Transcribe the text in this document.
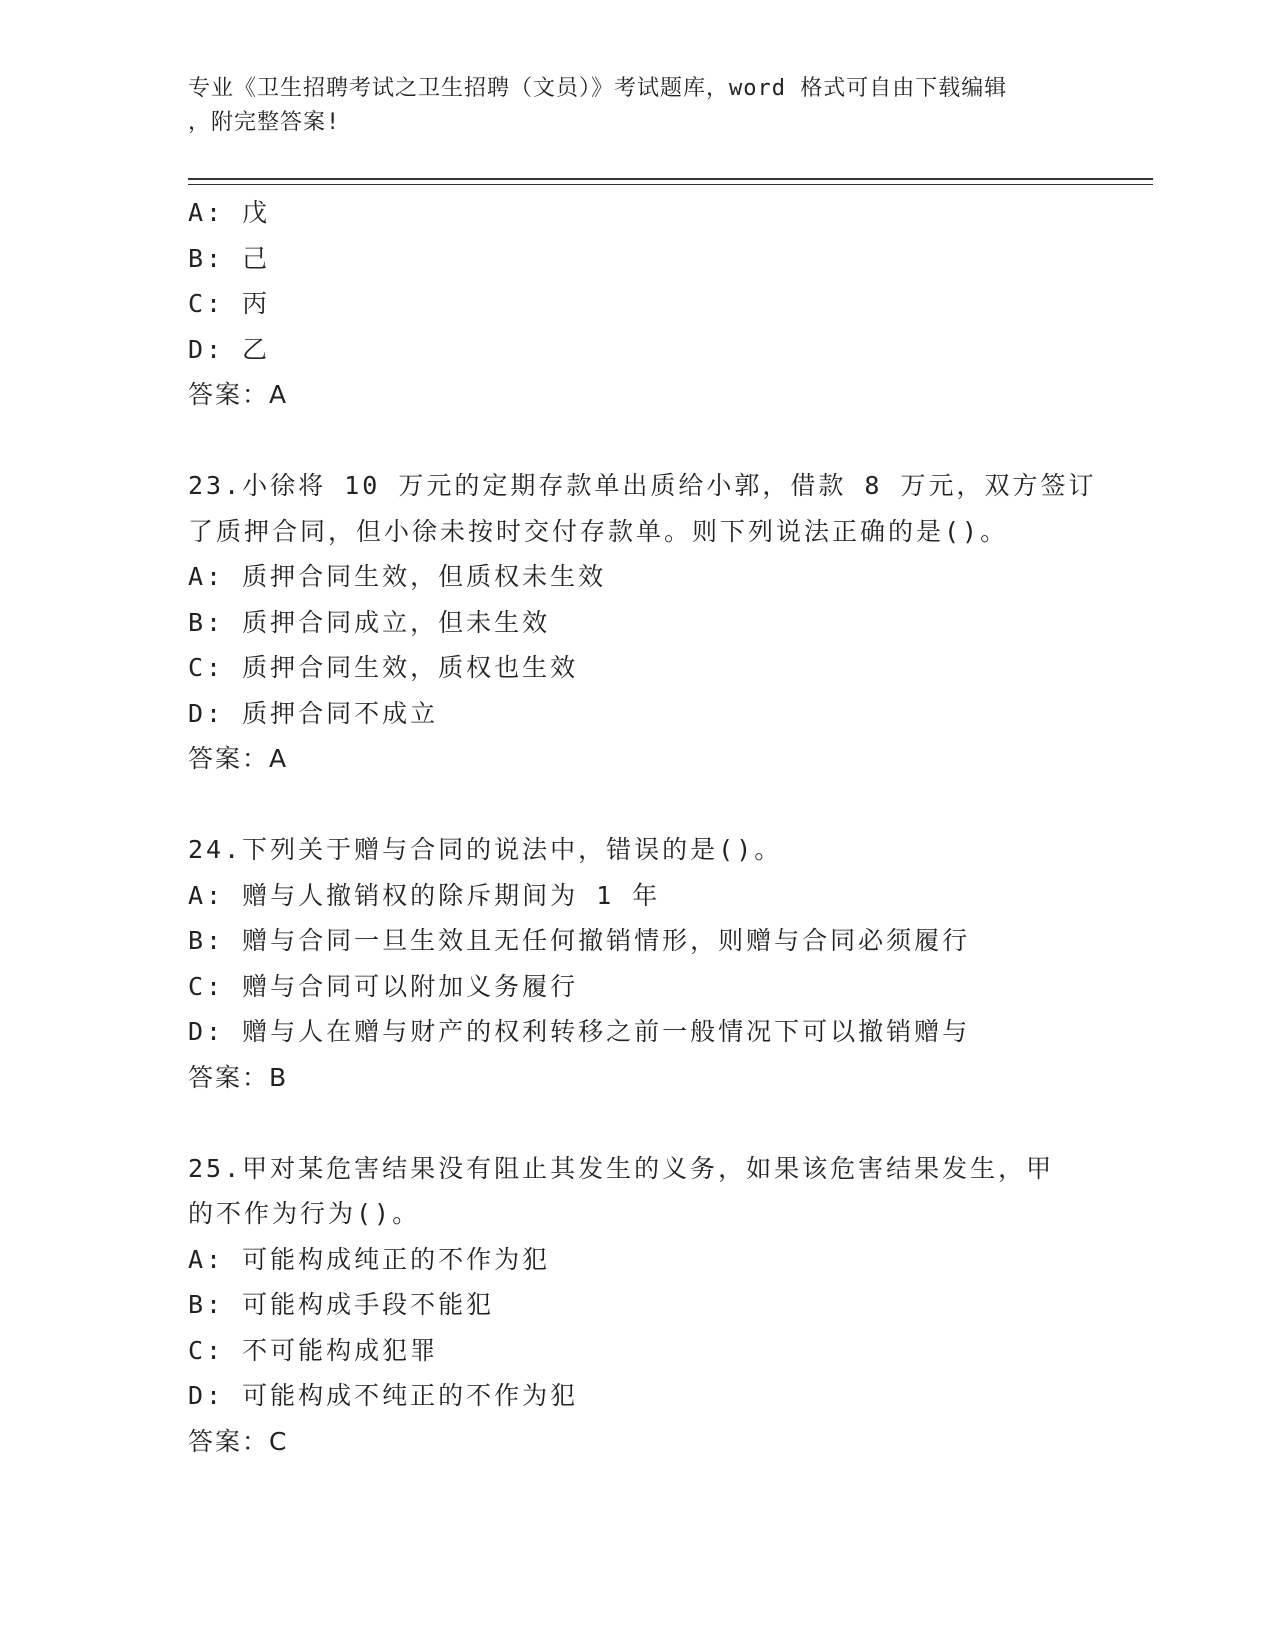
专业《卫生招聘考试之卫生招聘（文员）》考试题库，word 格式可自由下载编辑
，附完整答案!
A: 戊
B: 己
C: 丙
D: 乙
答案：A
23.小徐将 10 万元的定期存款单出质给小郭，借款 8 万元，双方签订
了质押合同，但小徐未按时交付存款单。则下列说法正确的是()。
A: 质押合同生效，但质权未生效
B: 质押合同成立，但未生效
C: 质押合同生效，质权也生效
D: 质押合同不成立
答案：A
24.下列关于赠与合同的说法中，错误的是()。
A: 赠与人撤销权的除斥期间为 1 年
B: 赠与合同一旦生效且无任何撤销情形，则赠与合同必须履行
C: 赠与合同可以附加义务履行
D: 赠与人在赠与财产的权利转移之前一般情况下可以撤销赠与
答案：B
25.甲对某危害结果没有阻止其发生的义务，如果该危害结果发生，甲
的不作为行为()。
A: 可能构成纯正的不作为犯
B: 可能构成手段不能犯
C: 不可能构成犯罪
D: 可能构成不纯正的不作为犯
答案：C
